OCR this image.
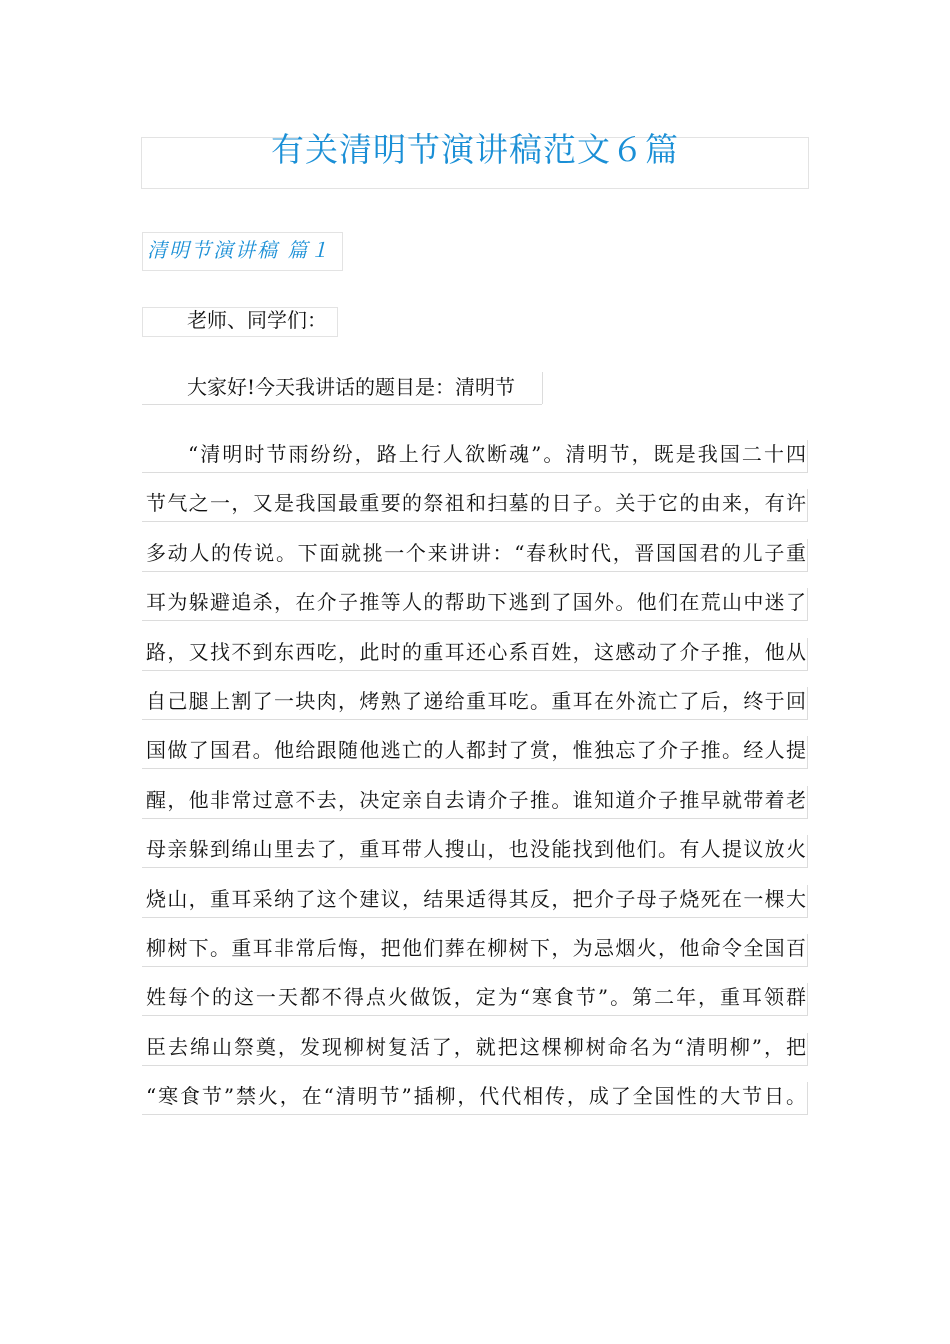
有关清明节演讲稿范文６篇
清明节演讲稿 篇１
老师、同学们：
大家好!今天我讲话的题目是：清明节
“清明时节雨纷纷，路上行人欲断魂”。清明节，既是我国二十四
节气之一，又是我国最重要的祭祖和扫墓的日子。关于它的由来，有许
多动人的传说。下面就挑一个来讲讲：“春秋时代，晋国国君的儿子重
耳为躲避追杀，在介子推等人的帮助下逃到了国外。他们在荒山中迷了
路，又找不到东西吃，此时的重耳还心系百姓，这感动了介子推，他从
自己腿上割了一块肉，烤熟了递给重耳吃。重耳在外流亡了后，终于回
国做了国君。他给跟随他逃亡的人都封了赏，惟独忘了介子推。经人提
醒，他非常过意不去，决定亲自去请介子推。谁知道介子推早就带着老
母亲躲到绵山里去了，重耳带人搜山，也没能找到他们。有人提议放火
烧山，重耳采纳了这个建议，结果适得其反，把介子母子烧死在一棵大
柳树下。重耳非常后悔，把他们葬在柳树下，为忌烟火，他命令全国百
姓每个的这一天都不得点火做饭，定为“寒食节”。第二年，重耳领群
臣去绵山祭奠，发现柳树复活了，就把这棵柳树命名为“清明柳”，把
“寒食节”禁火，在“清明节”插柳，代代相传，成了全国性的大节日。
